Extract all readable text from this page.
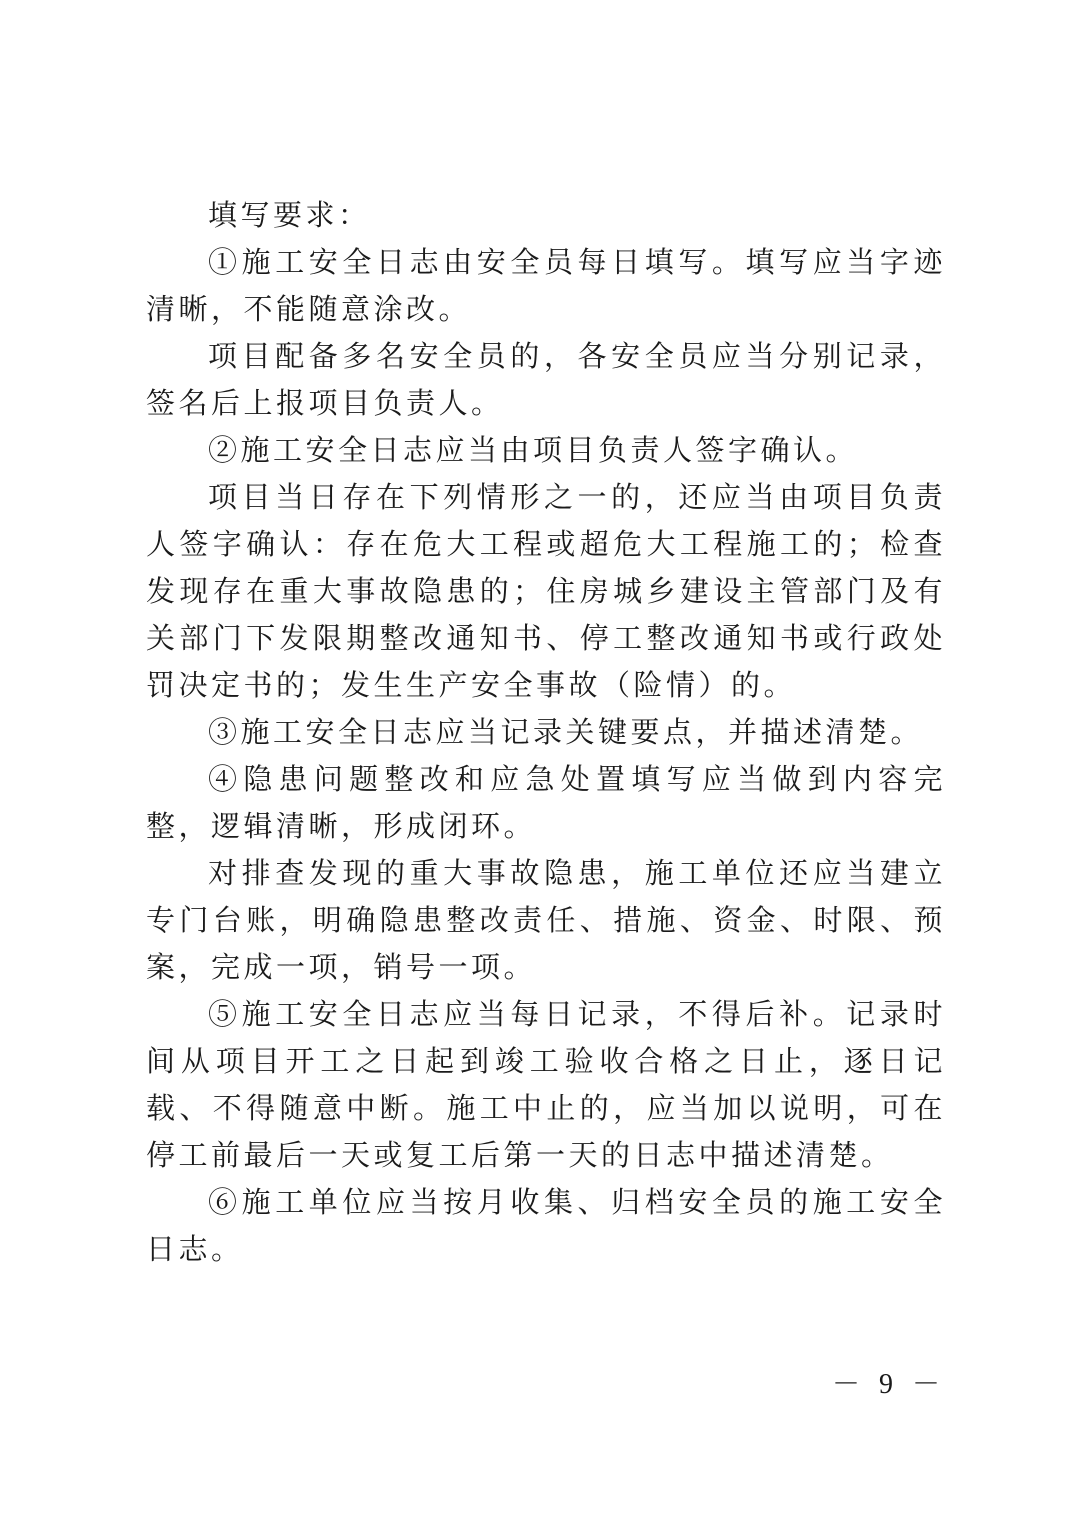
填写要求：

①施工安全日志由安全员每日填写。填写应当字迹清晰，不能随意涂改。

项目配备多名安全员的，各安全员应当分别记录，签名后上报项目负责人。

②施工安全日志应当由项目负责人签字确认。

项目当日存在下列情形之一的，还应当由项目负责人签字确认：存在危大工程或超危大工程施工的；检查发现存在重大事故隐患的；住房城乡建设主管部门及有关部门下发限期整改通知书、停工整改通知书或行政处罚决定书的；发生生产安全事故（险情）的。

③施工安全日志应当记录关键要点，并描述清楚。

④隐患问题整改和应急处置填写应当做到内容完整，逻辑清晰，形成闭环。

对排查发现的重大事故隐患，施工单位还应当建立专门台账，明确隐患整改责任、措施、资金、时限、预案，完成一项，销号一项。

⑤施工安全日志应当每日记录，不得后补。记录时间从项目开工之日起到竣工验收合格之日止，逐日记载、不得随意中断。施工中止的，应当加以说明，可在停工前最后一天或复工后第一天的日志中描述清楚。

⑥施工单位应当按月收集、归档安全员的施工安全日志。

－ 9 －
